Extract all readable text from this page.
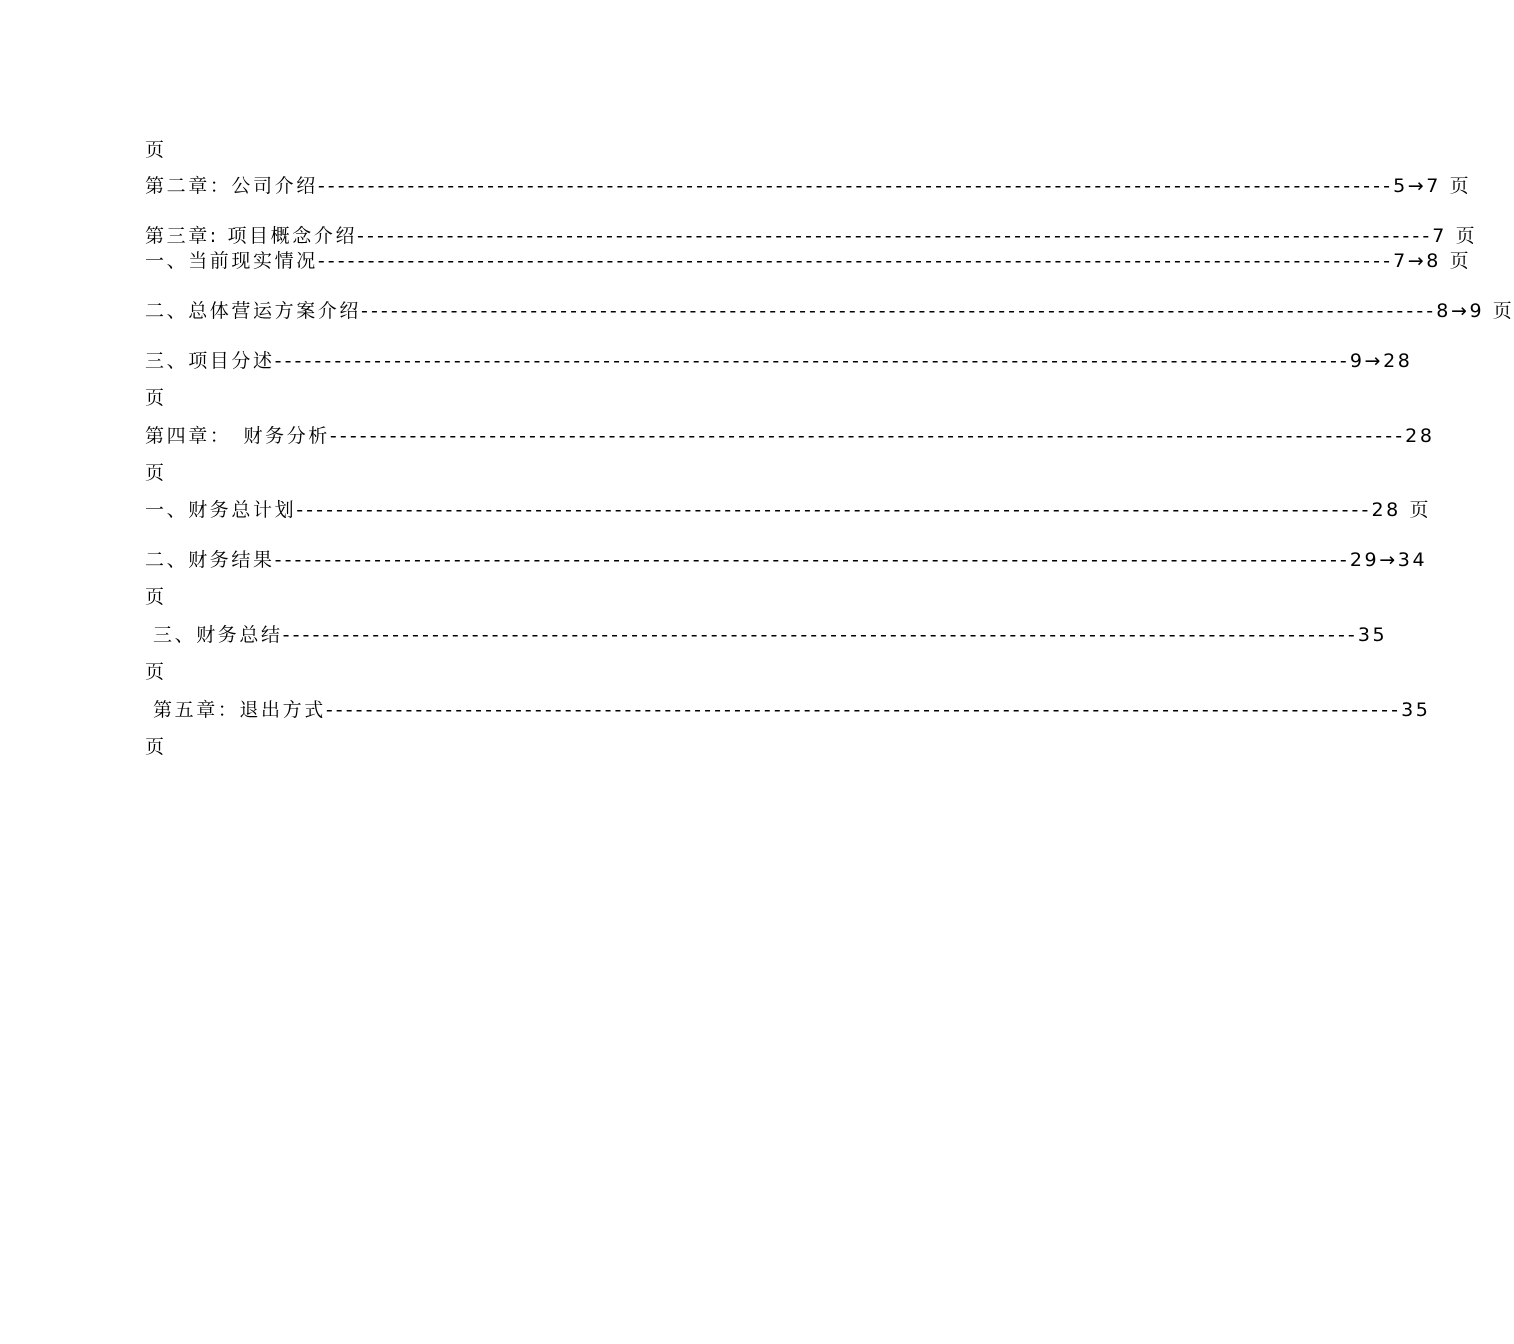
页
第二章：公司介绍 ------------------------------------------------------------------------------------------------------------ 5→7 页
第三章: 项目概念介绍 ------------------------------------------------------------------------------------------------------------ 7 页
一、当前现实情况 ------------------------------------------------------------------------------------------------------------ 7→8 页
二、总体营运方案介绍 ------------------------------------------------------------------------------------------------------------ 8→9 页
三、项目分述 ------------------------------------------------------------------------------------------------------------ 9→28
页
第四章：　财务分析 ------------------------------------------------------------------------------------------------------------ 28
页
一、财务总计划 ------------------------------------------------------------------------------------------------------------ 28 页
二、财务结果 ------------------------------------------------------------------------------------------------------------ 29→34
页
三、财务总结 ------------------------------------------------------------------------------------------------------------ 35
页
第五章：退出方式 ------------------------------------------------------------------------------------------------------------ 35
页
